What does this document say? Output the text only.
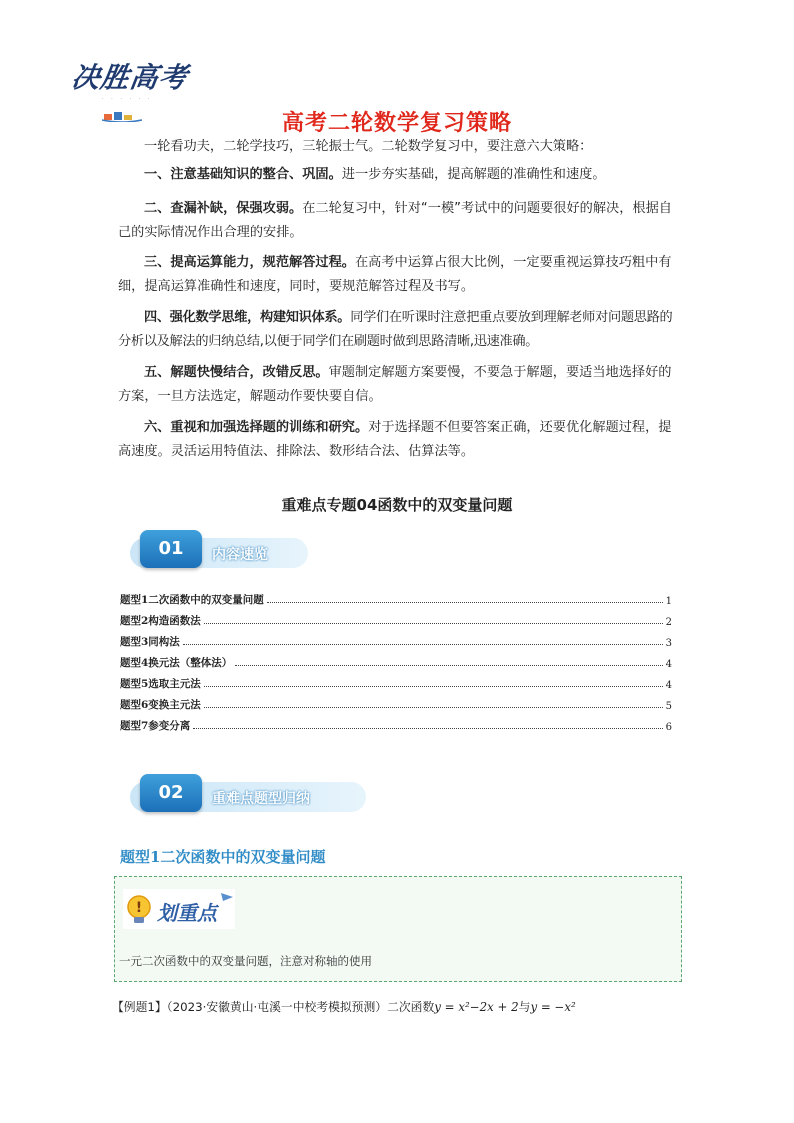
决胜高考
· · · · · ·
高考二轮数学复习策略
一轮看功夫，二轮学技巧，三轮振士气。二轮数学复习中，要注意六大策略：
一、注意基础知识的整合、巩固。进一步夯实基础，提高解题的准确性和速度。
二、查漏补缺，保强攻弱。在二轮复习中，针对“一模”考试中的问题要很好的解决，根据自己的实际情况作出合理的安排。
三、提高运算能力，规范解答过程。在高考中运算占很大比例，一定要重视运算技巧粗中有细，提高运算准确性和速度，同时，要规范解答过程及书写。
四、强化数学思维，构建知识体系。同学们在听课时注意把重点要放到理解老师对问题思路的分析以及解法的归纳总结,以便于同学们在刷题时做到思路清晰,迅速准确。
五、解题快慢结合，改错反思。审题制定解题方案要慢，不要急于解题，要适当地选择好的方案，一旦方法选定，解题动作要快要自信。
六、重视和加强选择题的训练和研究。对于选择题不但要答案正确，还要优化解题过程，提高速度。灵活运用特值法、排除法、数形结合法、估算法等。
重难点专题04函数中的双变量问题
01	内容速览
题型1二次函数中的双变量问题	1
题型2构造函数法	2
题型3同构法	3
题型4换元法（整体法）	4
题型5选取主元法	4
题型6变换主元法	5
题型7参变分离	6
02	重难点题型归纳
题型1二次函数中的双变量问题
! 划重点
一元二次函数中的双变量问题，注意对称轴的使用
【例题1】（2023·安徽黄山·屯溪一中校考模拟预测）二次函数y = x²−2x + 2与y = −x²
